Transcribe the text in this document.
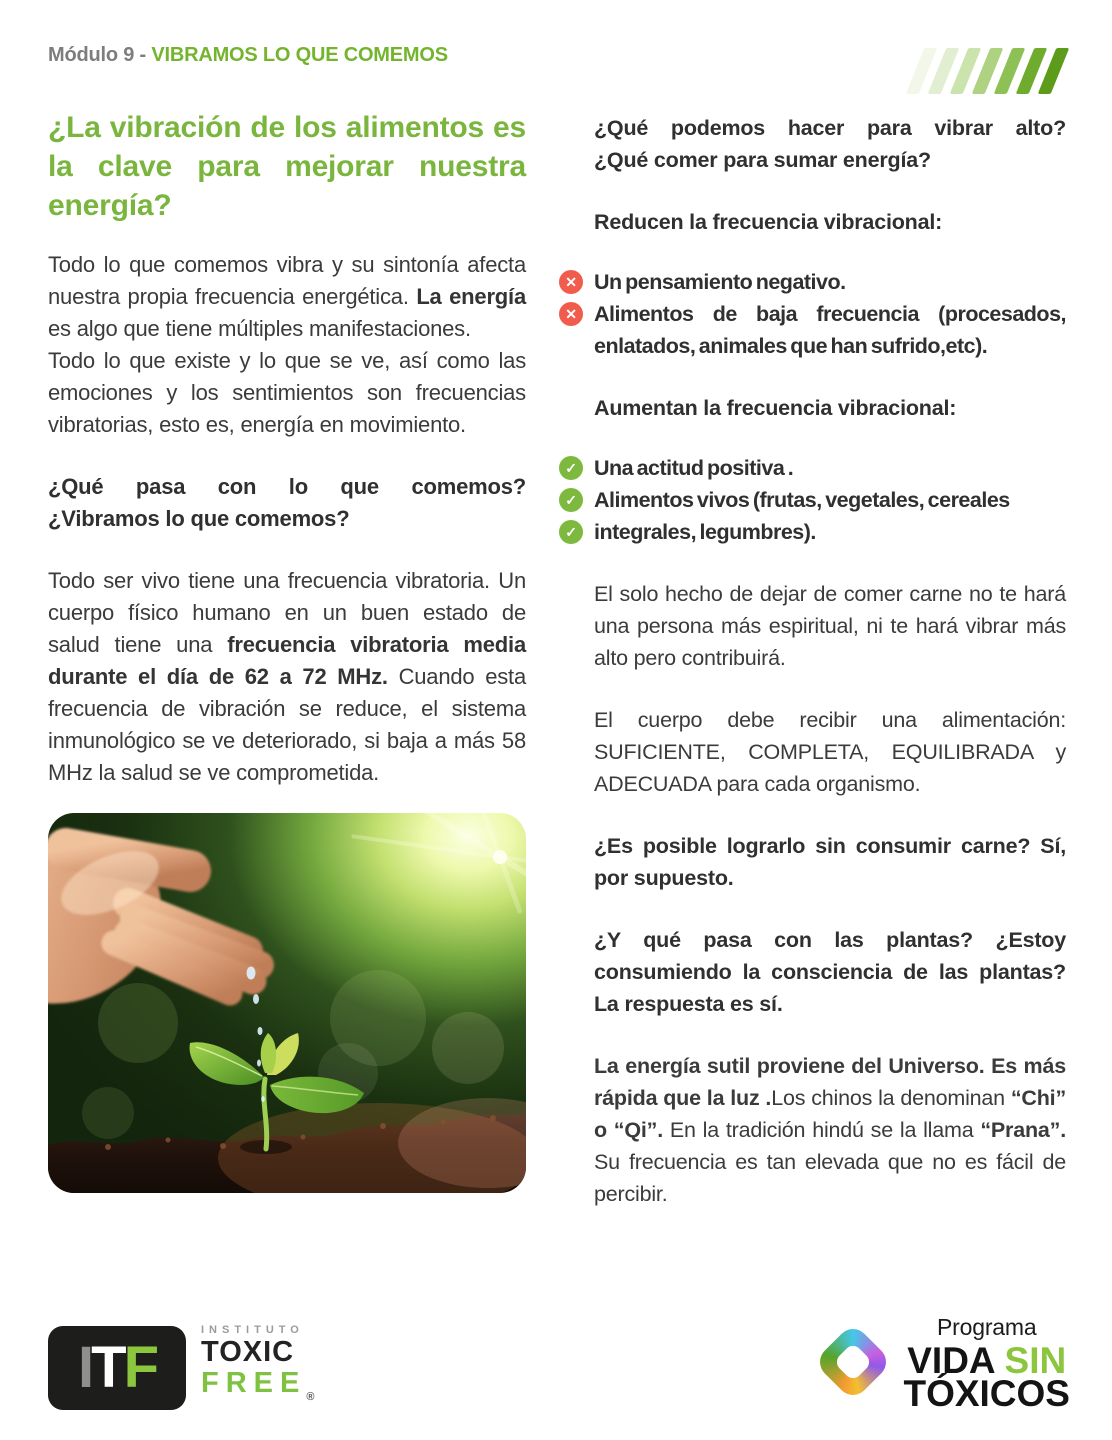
Módulo 9 - VIBRAMOS LO QUE COMEMOS
¿La vibración de los alimentos es la clave para mejorar nuestra energía?

Todo lo que comemos vibra y su sintonía afecta nuestra propia frecuencia energética. La energía es algo que tiene múltiples manifestaciones.

Todo lo que existe y lo que se ve, así como las emociones y los sentimientos son frecuencias vibratorias, esto es, energía en movimiento.

¿Qué pasa con lo que comemos?
¿Vibramos lo que comemos?

Todo ser vivo tiene una frecuencia vibratoria. Un cuerpo físico humano en un buen estado de salud tiene una frecuencia vibratoria media durante el día de 62 a 72 MHz. Cuando esta frecuencia de vibración se reduce, el sistema inmunológico se ve deteriorado, si baja a más 58 MHz la salud se ve comprometida.

¿Qué podemos hacer para vibrar alto?
¿Qué comer para sumar energía?
Reducen la frecuencia vibracional:
✕ Un pensamiento negativo.
✕ Alimentos de baja frecuencia (procesados, enlatados, animales que han sufrido,etc).
Aumentan la frecuencia vibracional:
✓ Una actitud positiva .
✓ Alimentos vivos (frutas, vegetales, cereales
✓ integrales, legumbres).
El solo hecho de dejar de comer carne no te hará una persona más espiritual, ni te hará vibrar más alto pero contribuirá.
El cuerpo debe recibir una alimentación: SUFICIENTE, COMPLETA, EQUILIBRADA y ADECUADA para cada organismo.
¿Es posible lograrlo sin consumir carne? Sí, por supuesto.
¿Y qué pasa con las plantas? ¿Estoy consumiendo la consciencia de las plantas? La respuesta es sí.
La energía sutil proviene del Universo. Es más rápida que la luz .Los chinos la denominan “Chi” o “Qi”. En la tradición hindú se la llama “Prana”. Su frecuencia es tan elevada que no es fácil de percibir.
I T F
INSTITUTO
TOXIC
$FREE_®$
Programa
VIDA SIN
TÓXICOS
